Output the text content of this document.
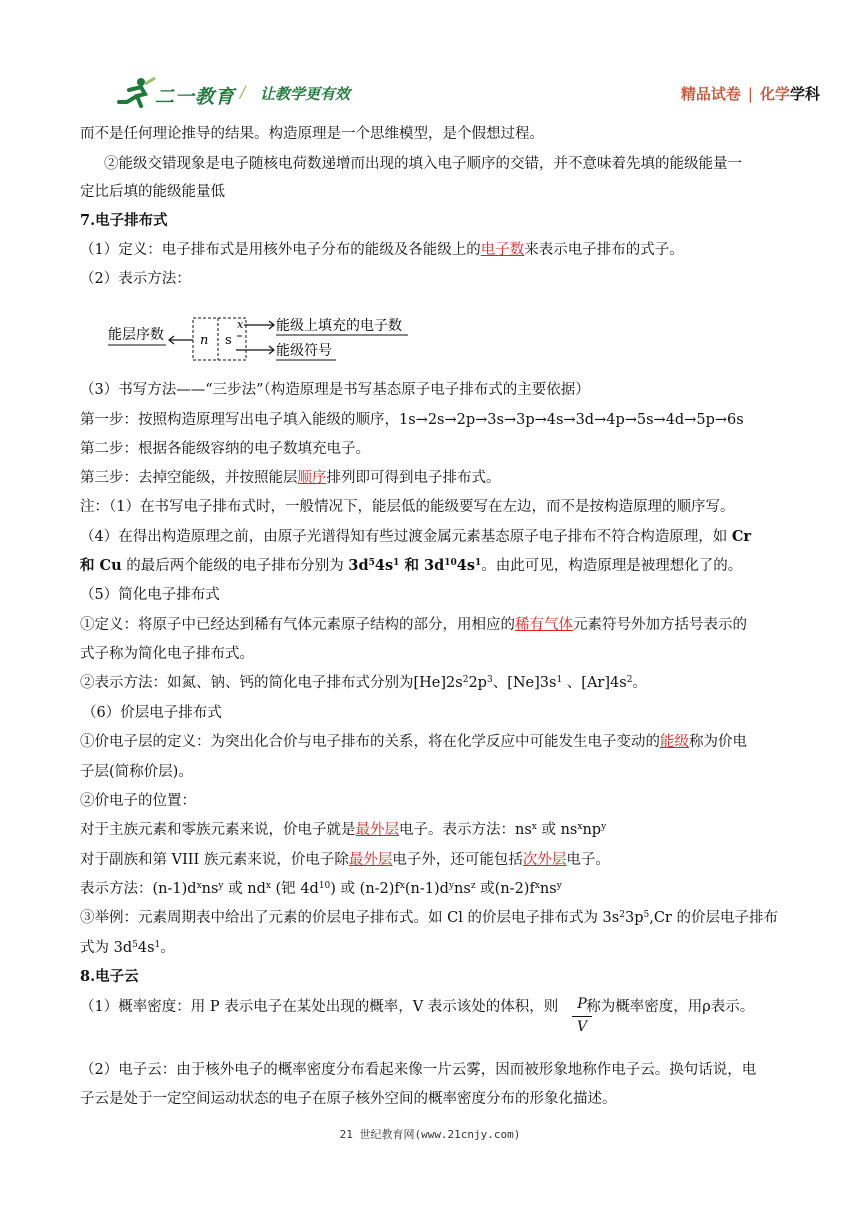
二一教育 / 让教学更有效	精品试卷 | 化学学科
而不是任何理论推导的结果。构造原理是一个思维模型，是个假想过程。
②能级交错现象是电子随核电荷数递增而出现的填入电子顺序的交错，并不意味着先填的能级能量一
定比后填的能级能量低
7.电子排布式
（1）定义：电子排布式是用核外电子分布的能级及各能级上的电子数来表示电子排布的式子。
（2）表示方法：
能层序数	n s
x 能级上填充的电子数
能级符号
（3）书写方法——“三步法”（构造原理是书写基态原子电子排布式的主要依据）
第一步：按照构造原理写出电子填入能级的顺序，1s→2s→2p→3s→3p→4s→3d→4p→5s→4d→5p→6s
第二步：根据各能级容纳的电子数填充电子。
第三步：去掉空能级，并按照能层顺序排列即可得到电子排布式。
注：（1）在书写电子排布式时，一般情况下，能层低的能级要写在左边，而不是按构造原理的顺序写。
（4）在得出构造原理之前，由原子光谱得知有些过渡金属元素基态原子电子排布不符合构造原理，如 Cr
和 Cu 的最后两个能级的电子排布分别为 $3d^54s^1$ 和 $3d^{10}4s^1$。由此可见，构造原理是被理想化了的。
（5）简化电子排布式
①定义：将原子中已经达到稀有气体元素原子结构的部分，用相应的稀有气体元素符号外加方括号表示的
式子称为简化电子排布式。
②表示方法：如氮、钠、钙的简化电子排布式分别为$[He]2s^22p^3$、$[Ne]3s^1$ 、$[Ar]4s^2$。
（6）价层电子排布式
①价电子层的定义：为突出化合价与电子排布的关系，将在化学反应中可能发生电子变动的能级称为价电
子层(简称价层)。
②价电子的位置：
对于主族元素和零族元素来说，价电子就是最外层电子。表示方法：$ns^x$ 或 $ns^xnp^y$
对于副族和第 VIII 族元素来说，价电子除最外层电子外，还可能包括次外层电子。
表示方法：$(n-1)d^xns^y$ 或 $nd^x$ (钯 $4d^{10}$) 或 $(n-2)f^x(n-1)d^yns^z$ 或$(n-2)f^xns^y$
③举例：元素周期表中给出了元素的价层电子排布式。如 Cl 的价层电子排布式为 $3s^23p^5,Cr$ 的价层电子排布
式为 $3d^54s^1$。
8.电子云
（1）概率密度：用 P 表示电子在某处出现的概率，V 表示该处的体积，则 称为概率密度，用ρ表示。
P
V
（2）电子云：由于核外电子的概率密度分布看起来像一片云雾，因而被形象地称作电子云。换句话说，电
子云是处于一定空间运动状态的电子在原子核外空间的概率密度分布的形象化描述。
21 世纪教育网(www.21cnjy.com)
